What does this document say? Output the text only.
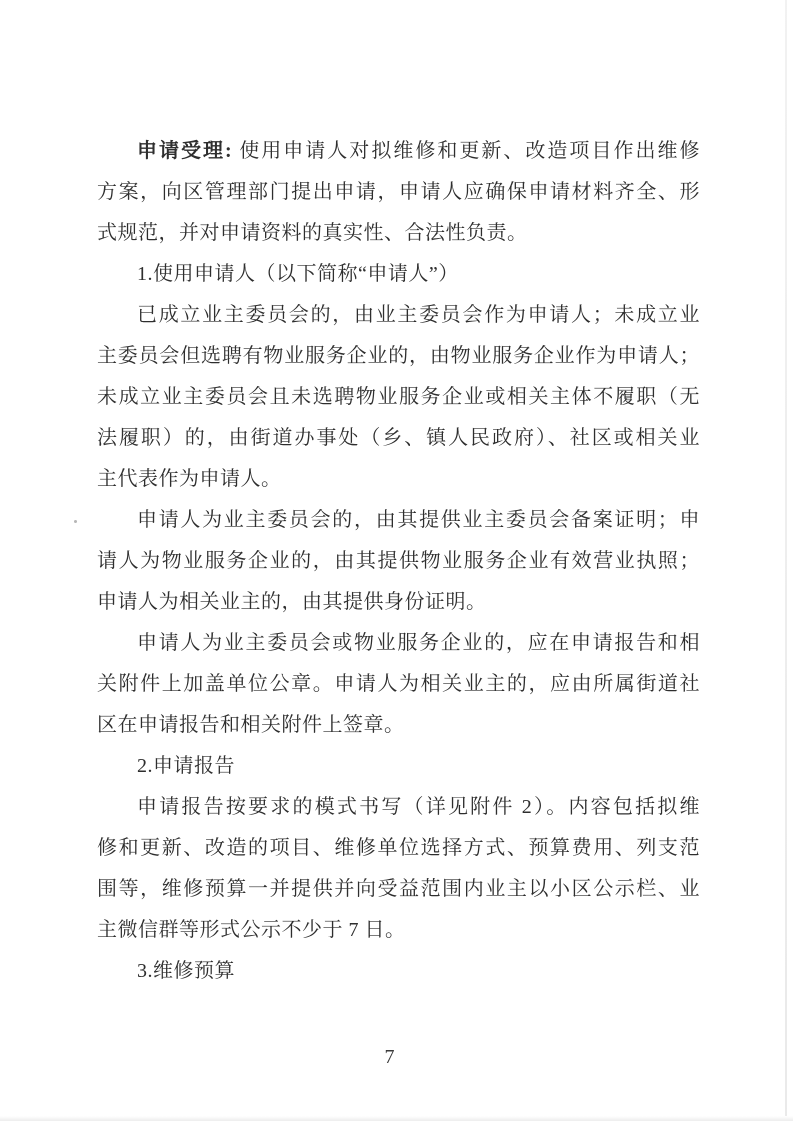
申请受理: 使用申请人对拟维修和更新、改造项目作出维修
方案，向区管理部门提出申请，申请人应确保申请材料齐全、形
式规范，并对申请资料的真实性、合法性负责。
1.使用申请人（以下简称“申请人”）
已成立业主委员会的，由业主委员会作为申请人；未成立业
主委员会但选聘有物业服务企业的，由物业服务企业作为申请人；
未成立业主委员会且未选聘物业服务企业或相关主体不履职（无
法履职）的，由街道办事处（乡、镇人民政府）、社区或相关业
主代表作为申请人。
申请人为业主委员会的，由其提供业主委员会备案证明；申
请人为物业服务企业的，由其提供物业服务企业有效营业执照；
申请人为相关业主的，由其提供身份证明。
申请人为业主委员会或物业服务企业的，应在申请报告和相
关附件上加盖单位公章。申请人为相关业主的，应由所属街道社
区在申请报告和相关附件上签章。
2.申请报告
申请报告按要求的模式书写（详见附件 2）。内容包括拟维
修和更新、改造的项目、维修单位选择方式、预算费用、列支范
围等，维修预算一并提供并向受益范围内业主以小区公示栏、业
主微信群等形式公示不少于 7 日。
3.维修预算
7
